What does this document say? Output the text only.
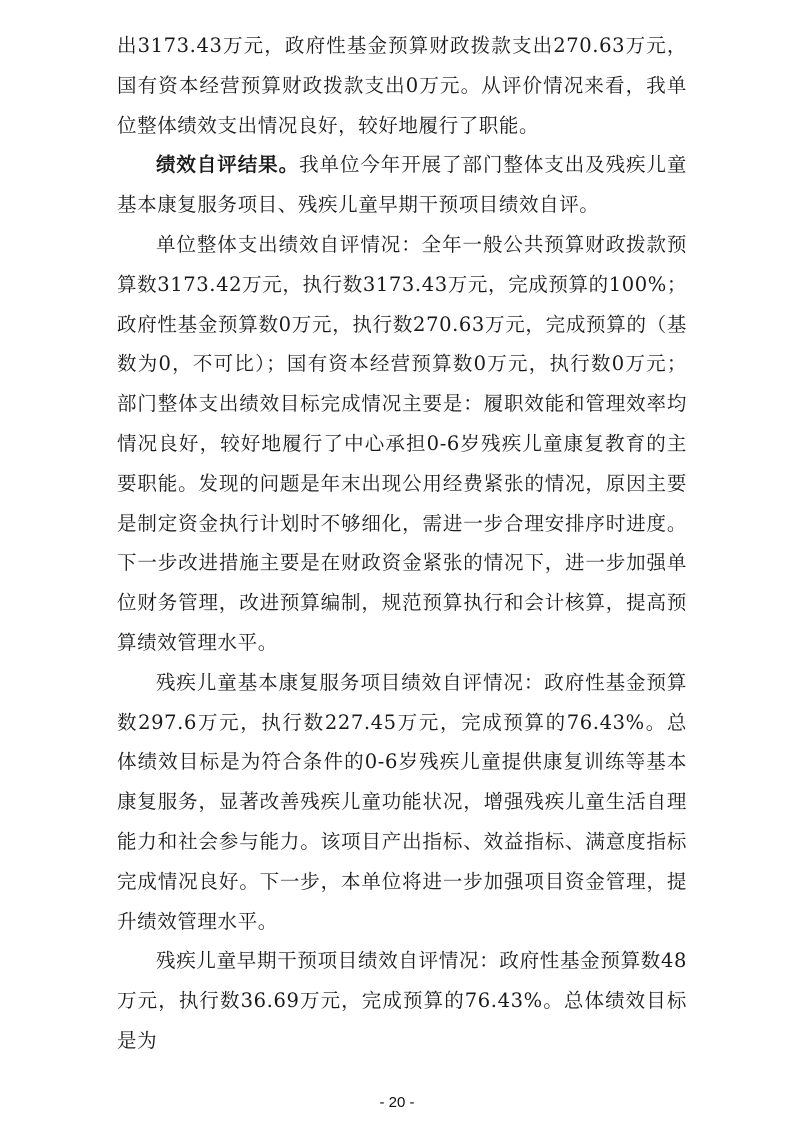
出3173.43万元，政府性基金预算财政拨款支出270.63万元，国有资本经营预算财政拨款支出0万元。从评价情况来看，我单位整体绩效支出情况良好，较好地履行了职能。

绩效自评结果。我单位今年开展了部门整体支出及残疾儿童基本康复服务项目、残疾儿童早期干预项目绩效自评。

单位整体支出绩效自评情况：全年一般公共预算财政拨款预算数3173.42万元，执行数3173.43万元，完成预算的100%；政府性基金预算数0万元，执行数270.63万元，完成预算的（基数为0，不可比）；国有资本经营预算数0万元，执行数0万元；部门整体支出绩效目标完成情况主要是：履职效能和管理效率均情况良好，较好地履行了中心承担0-6岁残疾儿童康复教育的主要职能。发现的问题是年末出现公用经费紧张的情况，原因主要是制定资金执行计划时不够细化，需进一步合理安排序时进度。下一步改进措施主要是在财政资金紧张的情况下，进一步加强单位财务管理，改进预算编制，规范预算执行和会计核算，提高预算绩效管理水平。

残疾儿童基本康复服务项目绩效自评情况：政府性基金预算数297.6万元，执行数227.45万元，完成预算的76.43%。总体绩效目标是为符合条件的0-6岁残疾儿童提供康复训练等基本康复服务，显著改善残疾儿童功能状况，增强残疾儿童生活自理能力和社会参与能力。该项目产出指标、效益指标、满意度指标完成情况良好。下一步，本单位将进一步加强项目资金管理，提升绩效管理水平。

残疾儿童早期干预项目绩效自评情况：政府性基金预算数48万元，执行数36.69万元，完成预算的76.43%。总体绩效目标是为

- 20 -
